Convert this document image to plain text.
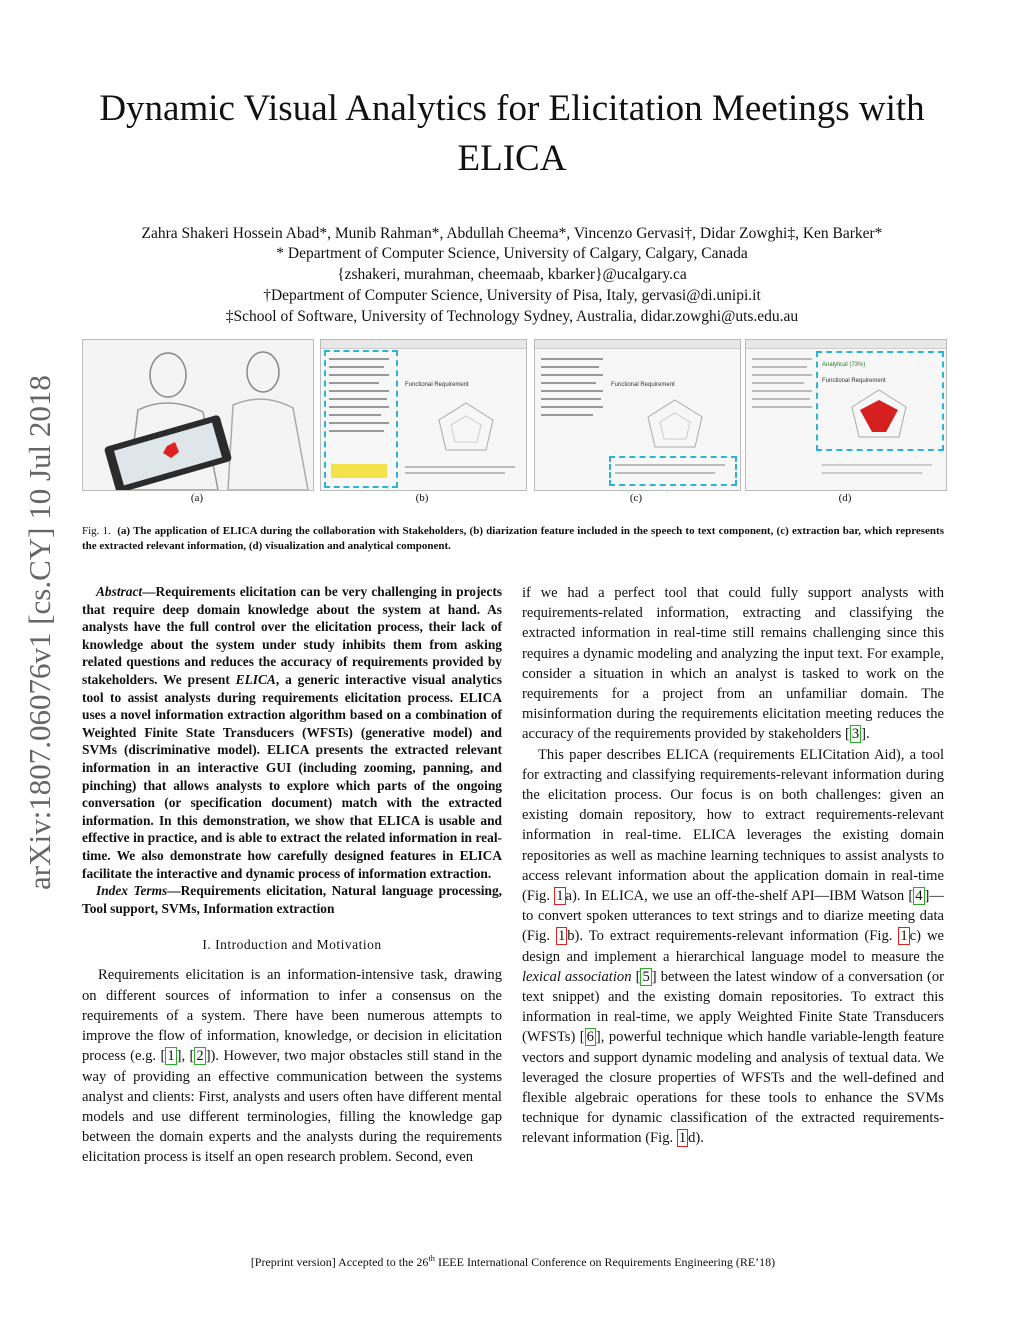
Dynamic Visual Analytics for Elicitation Meetings with ELICA
Zahra Shakeri Hossein Abad*, Munib Rahman*, Abdullah Cheema*, Vincenzo Gervasi†, Didar Zowghi‡, Ken Barker*
* Department of Computer Science, University of Calgary, Calgary, Canada
{zshakeri, murahman, cheemaab, kbarker}@ucalgary.ca
†Department of Computer Science, University of Pisa, Italy, gervasi@di.unipi.it
‡School of Software, University of Technology Sydney, Australia, didar.zowghi@uts.edu.au
arXiv:1807.06076v1 [cs.CY] 10 Jul 2018	Functional Requirement	Functional Requirement
Analytical (73%)
Functional Requirement
(a)	(b)	(c)	(d)
Fig. 1. (a) The application of ELICA during the collaboration with Stakeholders, (b) diarization feature included in the speech to text component, (c) extraction bar, which represents the extracted relevant information, (d) visualization and analytical component.

Abstract—Requirements elicitation can be very challenging in projects that require deep domain knowledge about the system at hand. As analysts have the full control over the elicitation process, their lack of knowledge about the system under study inhibits them from asking related questions and reduces the accuracy of requirements provided by stakeholders. We present ELICA, a generic interactive visual analytics tool to assist analysts during requirements elicitation process. ELICA uses a novel information extraction algorithm based on a combination of Weighted Finite State Transducers (WFSTs) (generative model) and SVMs (discriminative model). ELICA presents the extracted relevant information in an interactive GUI (including zooming, panning, and pinching) that allows analysts to explore which parts of the ongoing conversation (or specification document) match with the extracted information. In this demonstration, we show that ELICA is usable and effective in practice, and is able to extract the related information in real-time. We also demonstrate how carefully designed features in ELICA facilitate the interactive and dynamic process of information extraction.

Index Terms—Requirements elicitation, Natural language processing, Tool support, SVMs, Information extraction

I. Introduction and Motivation

Requirements elicitation is an information-intensive task, drawing on different sources of information to infer a consensus on the requirements of a system. There have been numerous attempts to improve the flow of information, knowledge, or decision in elicitation process (e.g. [ 1 ], [ 2 ]). However, two major obstacles still stand in the way of providing an effective communication between the systems analyst and clients: First, analysts and users often have different mental models and use different terminologies, filling the knowledge gap between the domain experts and the analysts during the requirements elicitation process is itself an open research problem. Second, even

if we had a perfect tool that could fully support analysts with requirements-related information, extracting and classifying the extracted information in real-time still remains challenging since this requires a dynamic modeling and analyzing the input text. For example, consider a situation in which an analyst is tasked to work on the requirements for a project from an unfamiliar domain. The misinformation during the requirements elicitation meeting reduces the accuracy of the requirements provided by stakeholders [ 3 ].

This paper describes ELICA (requirements ELICitation Aid), a tool for extracting and classifying requirements-relevant information during the elicitation process. Our focus is on both challenges: given an existing domain repository, how to extract requirements-relevant information in real-time. ELICA leverages the existing domain repositories as well as machine learning techniques to assist analysts to access relevant information about the application domain in real-time (Fig. 1 a). In ELICA, we use an off-the-shelf API—IBM Watson [ 4 ]— to convert spoken utterances to text strings and to diarize meeting data (Fig. 1 b). To extract requirements-relevant information (Fig. 1 c) we design and implement a hierarchical language model to measure the lexical association [ 5 ] between the latest window of a conversation (or text snippet) and the existing domain repositories. To extract this information in real-time, we apply Weighted Finite State Transducers (WFSTs) [ 6 ], powerful technique which handle variable-length feature vectors and support dynamic modeling and analysis of textual data. We leveraged the closure properties of WFSTs and the well-defined and flexible algebraic operations for these tools to enhance the SVMs technique for dynamic classification of the extracted requirements-relevant information (Fig. 1 d).

[Preprint version] Accepted to the 26th IEEE International Conference on Requirements Engineering (RE’18)
